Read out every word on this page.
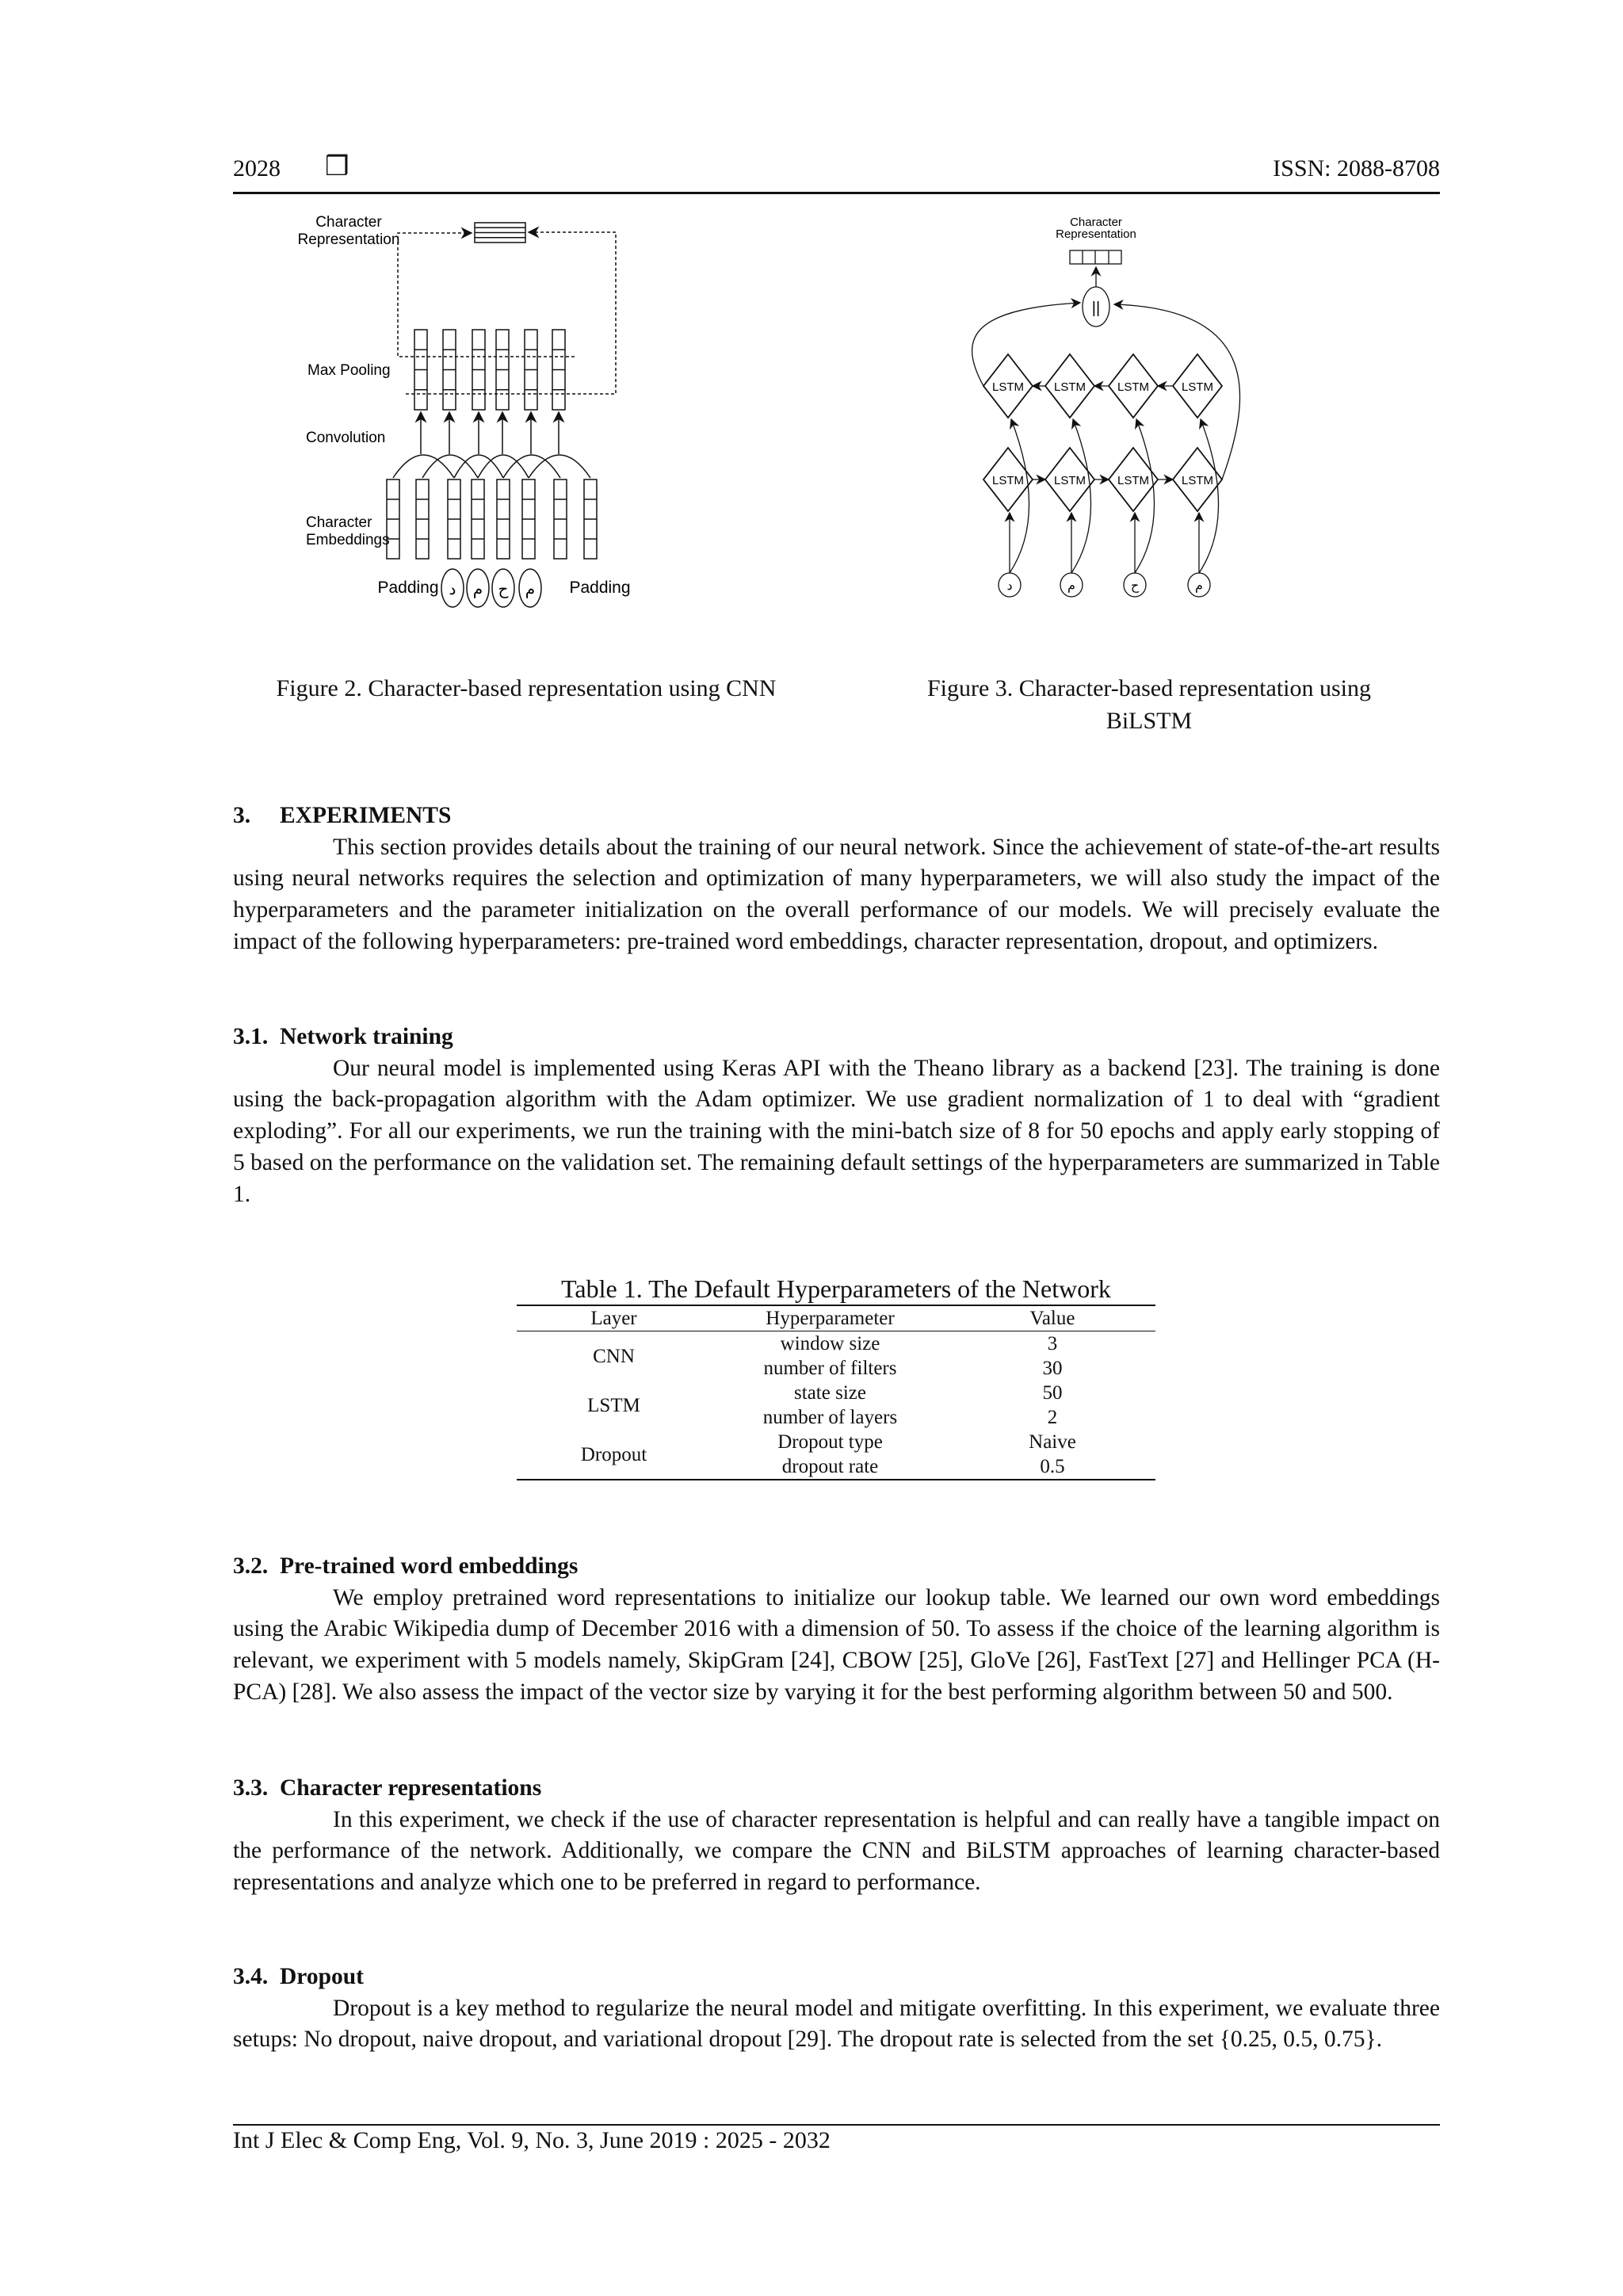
2028 ❒	ISSN: 2088-8708
Character
Representation
Max Pooling
Convolution
Character
Embeddings
Padding	Padding
د م ح م
Figure 2. Character-based representation using CNN
Character
Representation
||
LSTM
LSTM
LSTM
LSTM
LSTM
LSTM
LSTM
LSTM
د	م	ح	م
Figure 3. Character-based representation using
BiLSTM
3.     EXPERIMENTS

This section provides details about the training of our neural network. Since the achievement of state-of-the-art results using neural networks requires the selection and optimization of many hyperparameters, we will also study the impact of the hyperparameters and the parameter initialization on the overall performance of our models. We will precisely evaluate the impact of the following hyperparameters: pre-trained word embeddings, character representation, dropout, and optimizers.

3.1.  Network training

Our neural model is implemented using Keras API with the Theano library as a backend [23]. The training is done using the back-propagation algorithm with the Adam optimizer. We use gradient normalization of 1 to deal with “gradient exploding”. For all our experiments, we run the training with the mini-batch size of 8 for 50 epochs and apply early stopping of 5 based on the performance on the validation set. The remaining default settings of the hyperparameters are summarized in Table 1.

Table 1. The Default Hyperparameters of the Network
Layer	Hyperparameter	Value
CNN	window size	3
	number of filters	30
LSTM	state size	50
	number of layers	2
Dropout	Dropout type	Naive
	dropout rate	0.5
3.2.  Pre-trained word embeddings

We employ pretrained word representations to initialize our lookup table. We learned our own word embeddings using the Arabic Wikipedia dump of December 2016 with a dimension of 50. To assess if the choice of the learning algorithm is relevant, we experiment with 5 models namely, SkipGram [24], CBOW [25], GloVe [26], FastText [27] and Hellinger PCA (H-PCA) [28]. We also assess the impact of the vector size by varying it for the best performing algorithm between 50 and 500.

3.3.  Character representations

In this experiment, we check if the use of character representation is helpful and can really have a tangible impact on the performance of the network. Additionally, we compare the CNN and BiLSTM approaches of learning character-based representations and analyze which one to be preferred in regard to performance.

3.4.  Dropout

Dropout is a key method to regularize the neural model and mitigate overfitting. In this experiment, we evaluate three setups: No dropout, naive dropout, and variational dropout [29]. The dropout rate is selected from the set {0.25, 0.5, 0.75}.

Int J Elec & Comp Eng, Vol. 9, No. 3, June 2019 : 2025 - 2032
